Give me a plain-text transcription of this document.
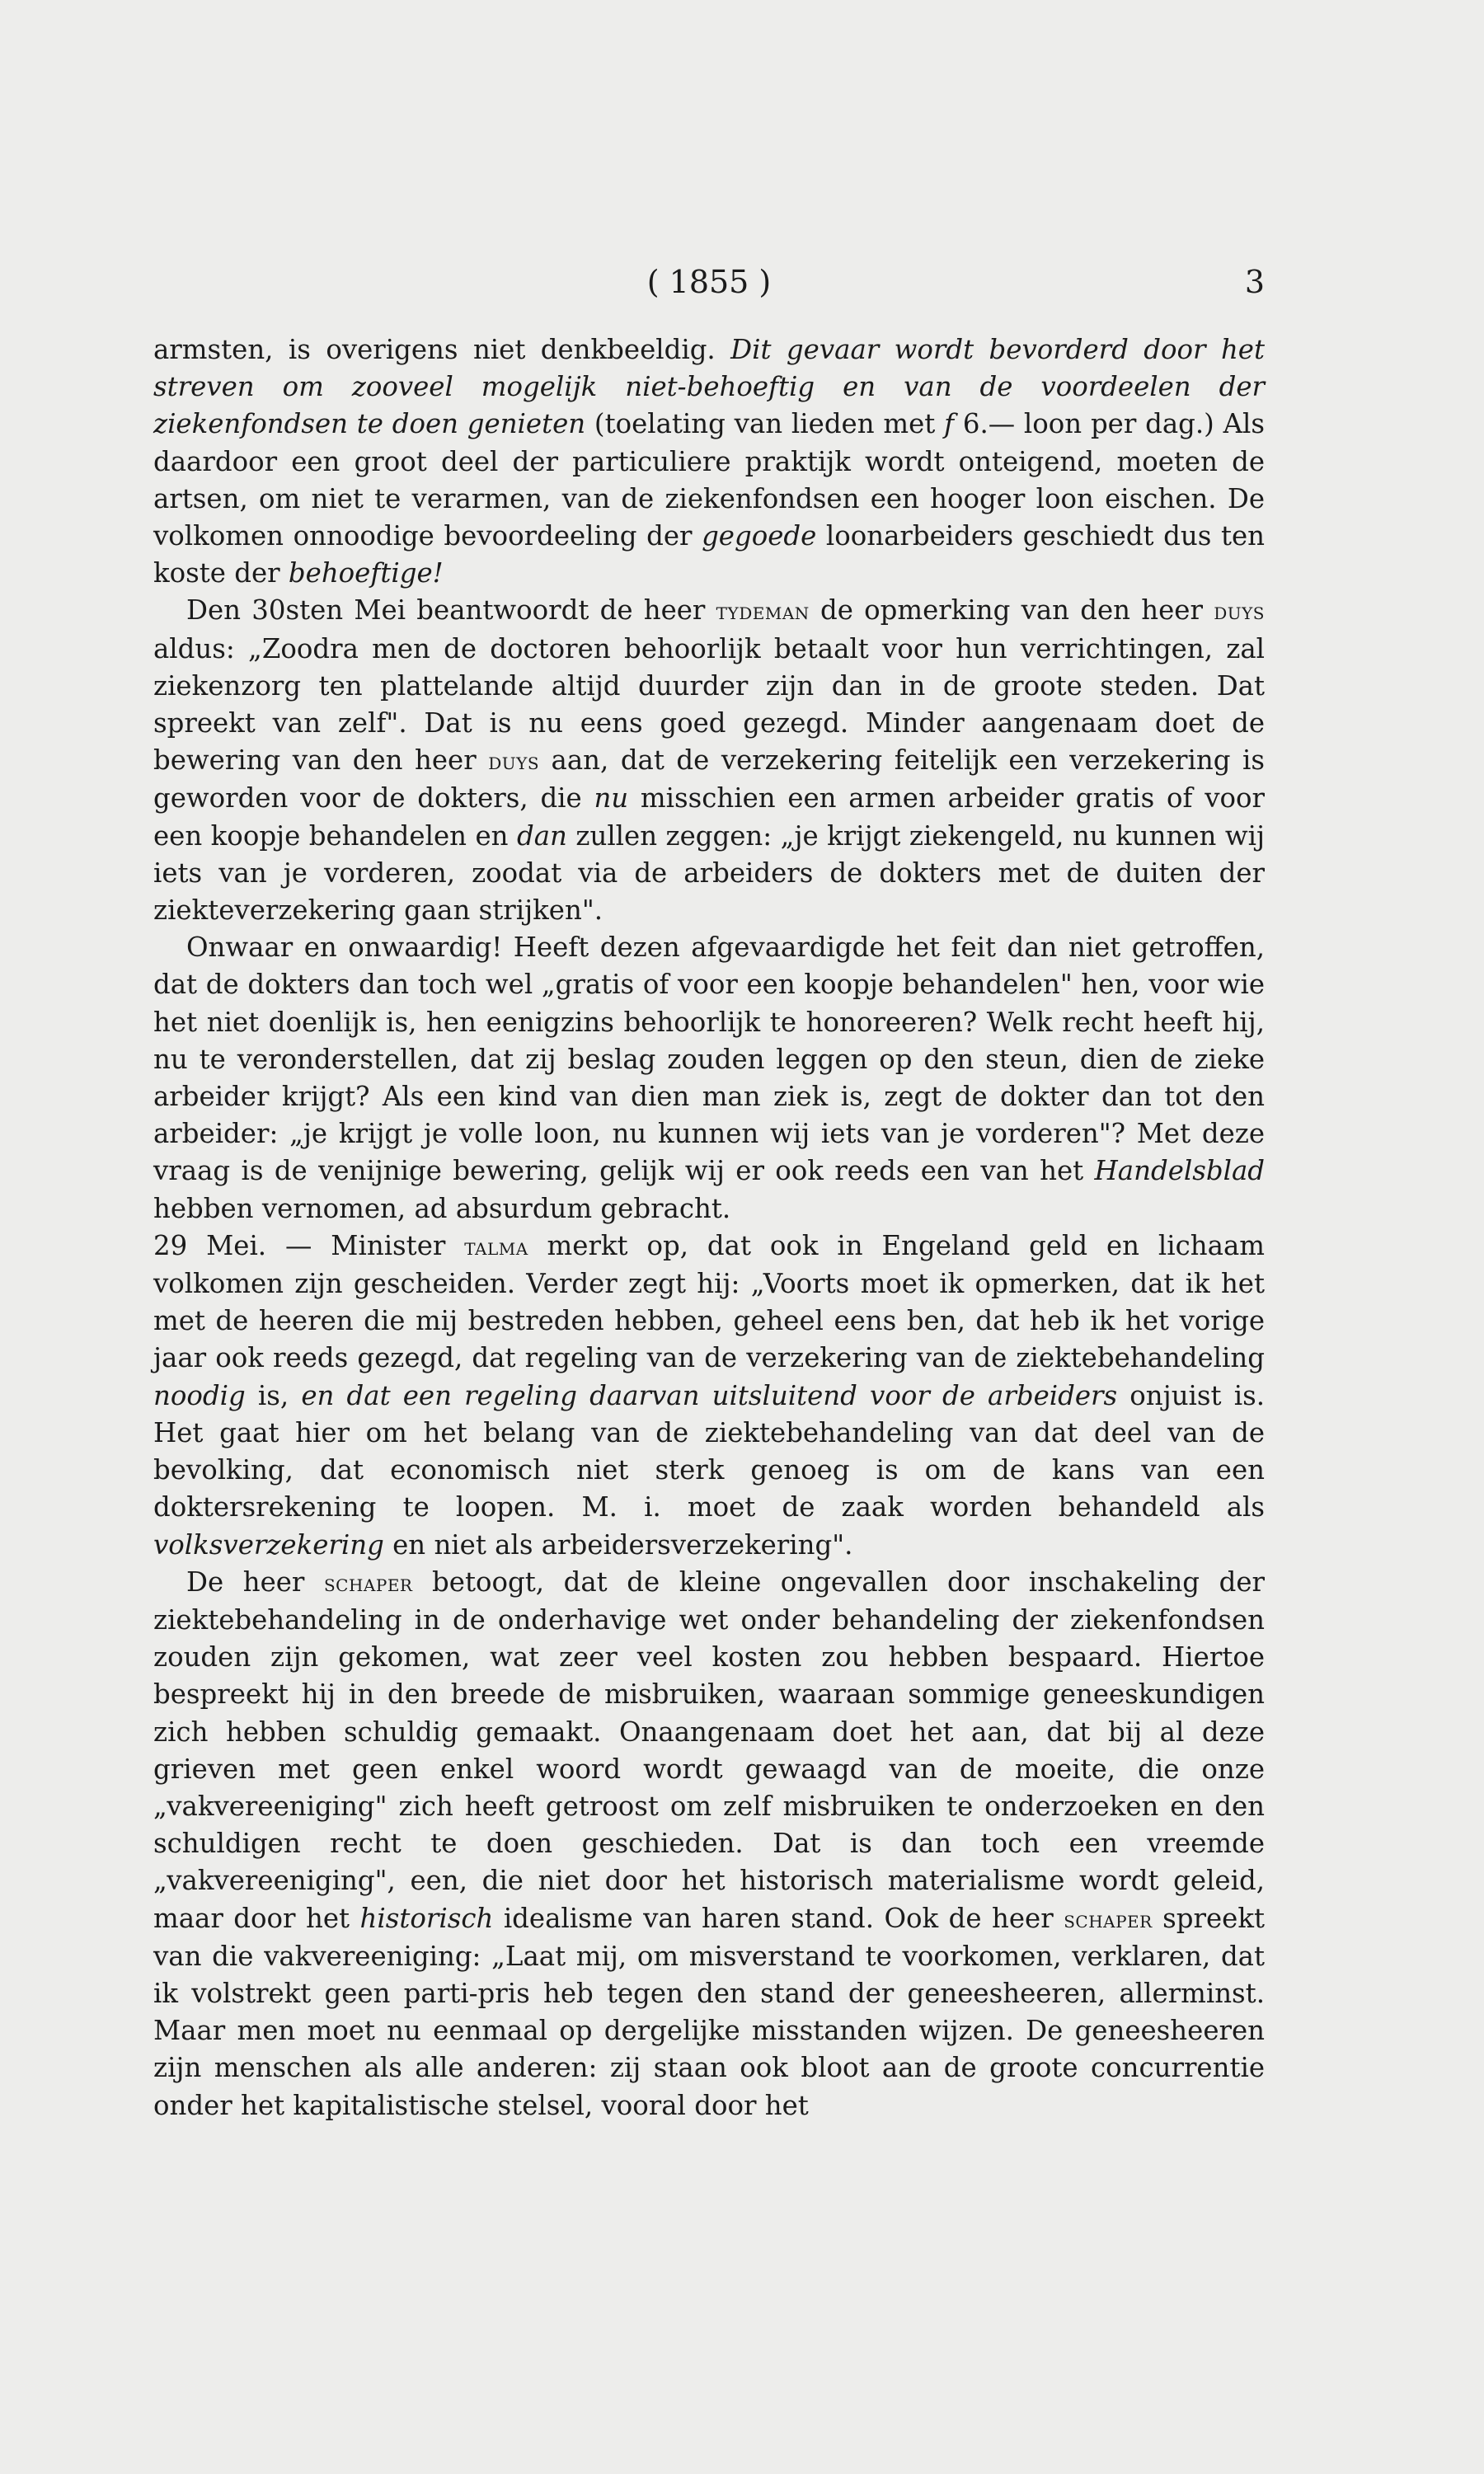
( 1855 )	3

armsten, is overigens niet denkbeeldig. Dit gevaar wordt bevorderd door het streven om zooveel mogelijk niet-behoeftig en van de voordeelen der ziekenfondsen te doen genieten (toelating van lieden met f 6.— loon per dag.) Als daardoor een groot deel der particuliere praktijk wordt onteigend, moeten de artsen, om niet te verarmen, van de ziekenfondsen een hooger loon eischen. De volkomen onnoodige bevoordeeling der gegoede loonarbeiders geschiedt dus ten koste der behoeftige!

Den 30sten Mei beantwoordt de heer tydeman de opmerking van den heer duys aldus: „Zoodra men de doctoren behoorlijk betaalt voor hun verrichtingen, zal ziekenzorg ten plattelande altijd duurder zijn dan in de groote steden. Dat spreekt van zelf". Dat is nu eens goed gezegd. Minder aangenaam doet de bewering van den heer duys aan, dat de verzekering feitelijk een verzekering is geworden voor de dokters, die nu misschien een armen arbeider gratis of voor een koopje behandelen en dan zullen zeggen: „je krijgt ziekengeld, nu kunnen wij iets van je vorderen, zoodat via de arbeiders de dokters met de duiten der ziekteverzekering gaan strijken".

Onwaar en onwaardig! Heeft dezen afgevaardigde het feit dan niet getroffen, dat de dokters dan toch wel „gratis of voor een koopje behandelen" hen, voor wie het niet doenlijk is, hen eenigzins behoorlijk te honoreeren? Welk recht heeft hij, nu te veronderstellen, dat zij beslag zouden leggen op den steun, dien de zieke arbeider krijgt? Als een kind van dien man ziek is, zegt de dokter dan tot den arbeider: „je krijgt je volle loon, nu kunnen wij iets van je vorderen"? Met deze vraag is de venijnige bewering, gelijk wij er ook reeds een van het Handelsblad hebben vernomen, ad absurdum gebracht.

29 Mei. — Minister talma merkt op, dat ook in Engeland geld en lichaam volkomen zijn gescheiden. Verder zegt hij: „Voorts moet ik opmerken, dat ik het met de heeren die mij bestreden hebben, geheel eens ben, dat heb ik het vorige jaar ook reeds gezegd, dat regeling van de verzekering van de ziektebehandeling noodig is, en dat een regeling daarvan uitsluitend voor de arbeiders onjuist is. Het gaat hier om het belang van de ziektebehandeling van dat deel van de bevolking, dat economisch niet sterk genoeg is om de kans van een doktersrekening te loopen. M. i. moet de zaak worden behandeld als volksverzekering en niet als arbeidersverzekering".

De heer schaper betoogt, dat de kleine ongevallen door inschakeling der ziektebehandeling in de onderhavige wet onder behandeling der ziekenfondsen zouden zijn gekomen, wat zeer veel kosten zou hebben bespaard. Hiertoe bespreekt hij in den breede de misbruiken, waaraan sommige geneeskundigen zich hebben schuldig gemaakt. Onaangenaam doet het aan, dat bij al deze grieven met geen enkel woord wordt gewaagd van de moeite, die onze „vakvereeniging" zich heeft getroost om zelf misbruiken te onderzoeken en den schuldigen recht te doen geschieden. Dat is dan toch een vreemde „vakvereeniging", een, die niet door het historisch materialisme wordt geleid, maar door het historisch idealisme van haren stand. Ook de heer schaper spreekt van die vakvereeniging: „Laat mij, om misverstand te voorkomen, verklaren, dat ik volstrekt geen parti-pris heb tegen den stand der geneesheeren, allerminst. Maar men moet nu eenmaal op dergelijke misstanden wijzen. De geneesheeren zijn menschen als alle anderen: zij staan ook bloot aan de groote concurrentie onder het kapitalistische stelsel, vooral door het
